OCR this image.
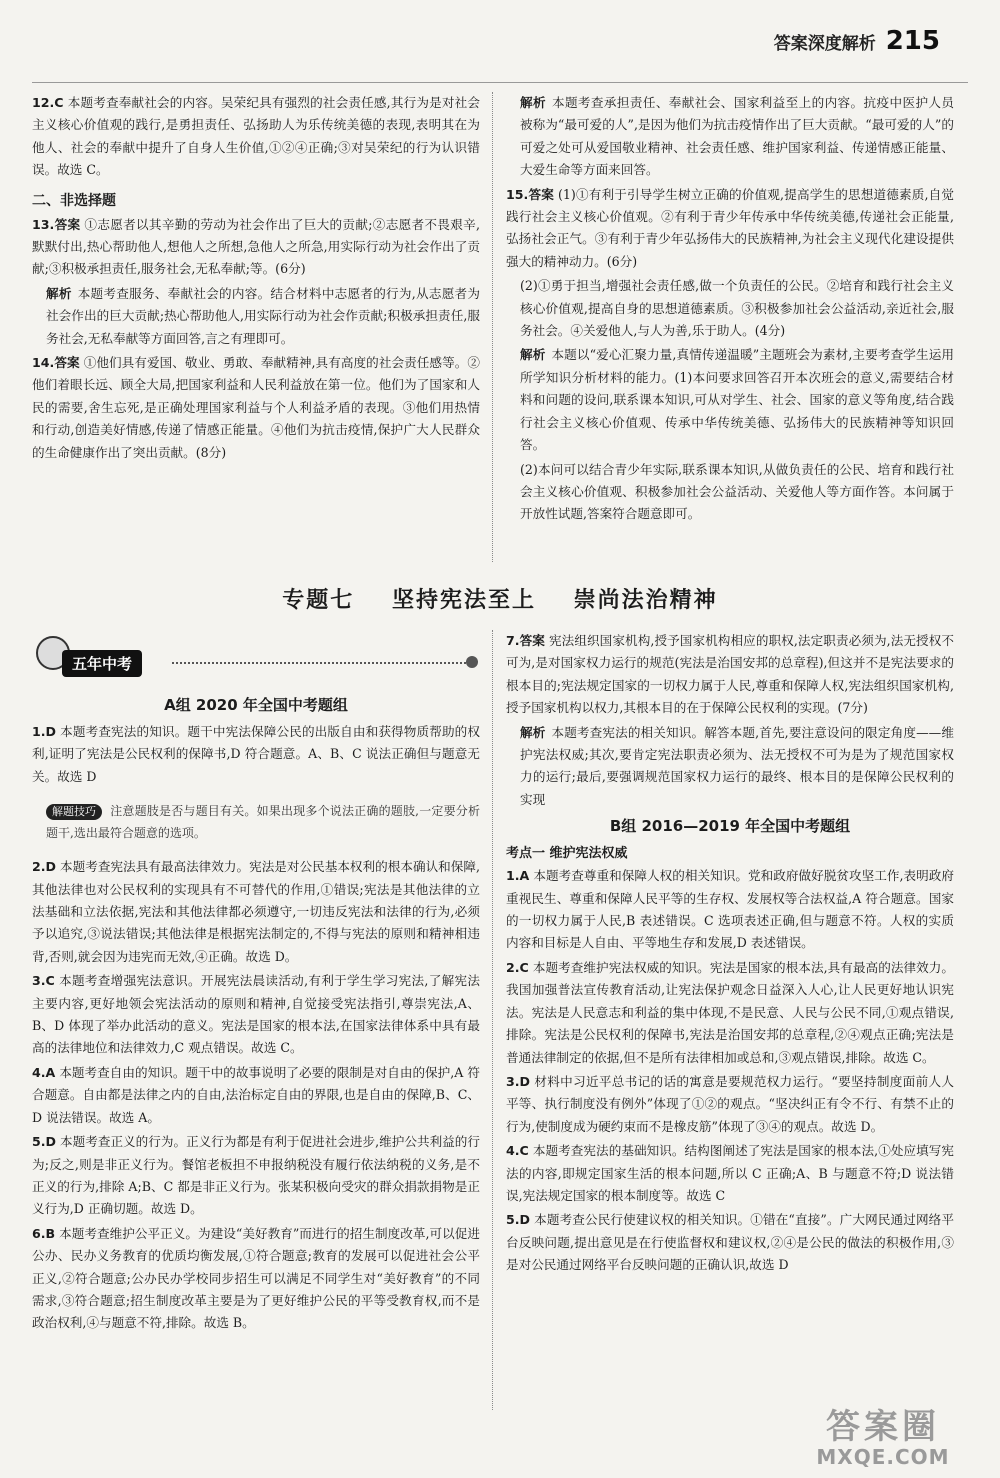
答案深度解析 215

12.C 本题考查奉献社会的内容。吴荣纪具有强烈的社会责任感,其行为是对社会主义核心价值观的践行,是勇担责任、弘扬助人为乐传统美德的表现,表明其在为他人、社会的奉献中提升了自身人生价值,①②④正确;③对吴荣纪的行为认识错误。故选 C。

二、非选择题

13.答案 ①志愿者以其辛勤的劳动为社会作出了巨大的贡献;②志愿者不畏艰辛,默默付出,热心帮助他人,想他人之所想,急他人之所急,用实际行动为社会作出了贡献;③积极承担责任,服务社会,无私奉献;等。(6分)

解析 本题考查服务、奉献社会的内容。结合材料中志愿者的行为,从志愿者为社会作出的巨大贡献;热心帮助他人,用实际行动为社会作贡献;积极承担责任,服务社会,无私奉献等方面回答,言之有理即可。

14.答案 ①他们具有爱国、敬业、勇敢、奉献精神,具有高度的社会责任感等。②他们着眼长远、顾全大局,把国家利益和人民利益放在第一位。他们为了国家和人民的需要,舍生忘死,是正确处理国家利益与个人利益矛盾的表现。③他们用热情和行动,创造美好情感,传递了情感正能量。④他们为抗击疫情,保护广大人民群众的生命健康作出了突出贡献。(8分)

解析 本题考查承担责任、奉献社会、国家利益至上的内容。抗疫中医护人员被称为“最可爱的人”,是因为他们为抗击疫情作出了巨大贡献。“最可爱的人”的可爱之处可从爱国敬业精神、社会责任感、维护国家利益、传递情感正能量、大爱生命等方面来回答。

15.答案 (1)①有利于引导学生树立正确的价值观,提高学生的思想道德素质,自觉践行社会主义核心价值观。②有利于青少年传承中华传统美德,传递社会正能量,弘扬社会正气。③有利于青少年弘扬伟大的民族精神,为社会主义现代化建设提供强大的精神动力。(6分)

(2)①勇于担当,增强社会责任感,做一个负责任的公民。②培育和践行社会主义核心价值观,提高自身的思想道德素质。③积极参加社会公益活动,亲近社会,服务社会。④关爱他人,与人为善,乐于助人。(4分)

解析 本题以“爱心汇聚力量,真情传递温暖”主题班会为素材,主要考查学生运用所学知识分析材料的能力。(1)本问要求回答召开本次班会的意义,需要结合材料和问题的设问,联系课本知识,可从对学生、社会、国家的意义等角度,结合践行社会主义核心价值观、传承中华传统美德、弘扬伟大的民族精神等知识回答。

(2)本问可以结合青少年实际,联系课本知识,从做负责任的公民、培育和践行社会主义核心价值观、积极参加社会公益活动、关爱他人等方面作答。本问属于开放性试题,答案符合题意即可。

专题七 坚持宪法至上 崇尚法治精神
五年中考
A组 2020 年全国中考题组

1.D 本题考查宪法的知识。题干中宪法保障公民的出版自由和获得物质帮助的权利,证明了宪法是公民权利的保障书,D 符合题意。A、B、C 说法正确但与题意无关。故选 D

解题技巧 注意题肢是否与题目有关。如果出现多个说法正确的题肢,一定要分析题干,选出最符合题意的选项。

2.D 本题考查宪法具有最高法律效力。宪法是对公民基本权利的根本确认和保障,其他法律也对公民权利的实现具有不可替代的作用,①错误;宪法是其他法律的立法基础和立法依据,宪法和其他法律都必须遵守,一切违反宪法和法律的行为,必须予以追究,③说法错误;其他法律是根据宪法制定的,不得与宪法的原则和精神相违背,否则,就会因为违宪而无效,④正确。故选 D。

3.C 本题考查增强宪法意识。开展宪法晨读活动,有利于学生学习宪法,了解宪法主要内容,更好地领会宪法活动的原则和精神,自觉接受宪法指引,尊崇宪法,A、B、D 体现了举办此活动的意义。宪法是国家的根本法,在国家法律体系中具有最高的法律地位和法律效力,C 观点错误。故选 C。

4.A 本题考查自由的知识。题干中的故事说明了必要的限制是对自由的保护,A 符合题意。自由都是法律之内的自由,法治标定自由的界限,也是自由的保障,B、C、D 说法错误。故选 A。

5.D 本题考查正义的行为。正义行为都是有利于促进社会进步,维护公共利益的行为;反之,则是非正义行为。餐馆老板担不申报纳税没有履行依法纳税的义务,是不正义的行为,排除 A;B、C 都是非正义行为。张某积极向受灾的群众捐款捐物是正义行为,D 正确切题。故选 D。

6.B 本题考查维护公平正义。为建设“美好教育”而进行的招生制度改革,可以促进公办、民办义务教育的优质均衡发展,①符合题意;教育的发展可以促进社会公平正义,②符合题意;公办民办学校同步招生可以满足不同学生对“美好教育”的不同需求,③符合题意;招生制度改革主要是为了更好维护公民的平等受教育权,而不是政治权利,④与题意不符,排除。故选 B。

7.答案 宪法组织国家机构,授予国家机构相应的职权,法定职责必须为,法无授权不可为,是对国家权力运行的规范(宪法是治国安邦的总章程),但这并不是宪法要求的根本目的;宪法规定国家的一切权力属于人民,尊重和保障人权,宪法组织国家机构,授予国家机构以权力,其根本目的在于保障公民权利的实现。(7分)

解析 本题考查宪法的相关知识。解答本题,首先,要注意设问的限定角度——维护宪法权威;其次,要肯定宪法职责必须为、法无授权不可为是为了规范国家权力的运行;最后,要强调规范国家权力运行的最终、根本目的是保障公民权利的实现

B组 2016—2019 年全国中考题组
考点一 维护宪法权威

1.A 本题考查尊重和保障人权的相关知识。党和政府做好脱贫攻坚工作,表明政府重视民生、尊重和保障人民平等的生存权、发展权等合法权益,A 符合题意。国家的一切权力属于人民,B 表述错误。C 选项表述正确,但与题意不符。人权的实质内容和目标是人自由、平等地生存和发展,D 表述错误。

2.C 本题考查维护宪法权威的知识。宪法是国家的根本法,具有最高的法律效力。我国加强普法宣传教育活动,让宪法保护观念日益深入人心,让人民更好地认识宪法。宪法是人民意志和利益的集中体现,不是民意、人民与公民不同,①观点错误,排除。宪法是公民权利的保障书,宪法是治国安邦的总章程,②④观点正确;宪法是普通法律制定的依据,但不是所有法律相加或总和,③观点错误,排除。故选 C。

3.D 材料中习近平总书记的话的寓意是要规范权力运行。“要坚持制度面前人人平等、执行制度没有例外”体现了①②的观点。“坚决纠正有令不行、有禁不止的行为,使制度成为硬约束而不是橡皮筋”体现了③④的观点。故选 D。

4.C 本题考查宪法的基础知识。结构图阐述了宪法是国家的根本法,①处应填写宪法的内容,即规定国家生活的根本问题,所以 C 正确;A、B 与题意不符;D 说法错误,宪法规定国家的根本制度等。故选 C

5.D 本题考查公民行使建议权的相关知识。①错在“直接”。广大网民通过网络平台反映问题,提出意见是在行使监督权和建议权,②④是公民的做法的积极作用,③是对公民通过网络平台反映问题的正确认识,故选 D

答案圈
MXQE.COM
